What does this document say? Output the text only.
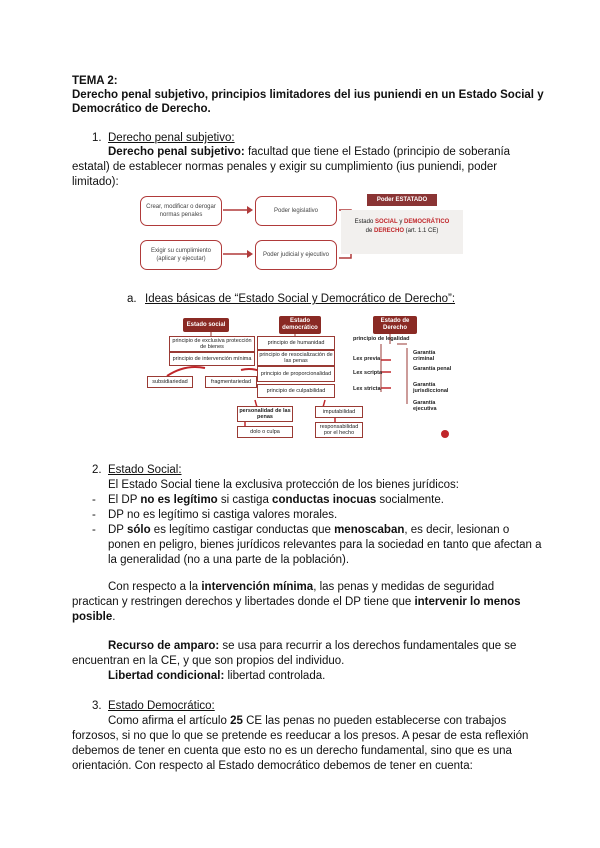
TEMA 2:
Derecho penal subjetivo, principios limitadores del ius puniendi en un Estado Social y
Democrático de Derecho.
1. Derecho penal subjetivo:
Derecho penal subjetivo: facultad que tiene el Estado (principio de soberanía
estatal) de establecer normas penales y exigir su cumplimiento (ius puniendi, poder
limitado):
Crear, modificar o derogar normas penales
Poder legislativo
Exigir su cumplimiento (aplicar y ejecutar)
Poder judicial y ejecutivo
Poder ESTATADO
Estado SOCIAL y DEMOCRÁTICO
de DERECHO (art. 1.1 CE)
a. Ideas básicas de “Estado Social y Democrático de Derecho”:
Estado social
Estado democrático
Estado de Derecho
principio de exclusiva protección de bienes
principio de intervención mínima
subsidiariedad	fragmentariedad
principio de humanidad
principio de resocialización de las penas
principio de proporcionalidad
principio de culpabilidad
personalidad de las penas
dolo o culpa
imputabilidad
responsabilidad por el hecho
principio de legalidad
Lex previa
Lex scripta
Lex stricta
Garantía criminal
Garantía penal
Garantía jurisdiccional
Garantía ejecutiva
2. Estado Social:
El Estado Social tiene la exclusiva protección de los bienes jurídicos:
- El DP no es legítimo si castiga conductas inocuas socialmente.
- DP no es legítimo si castiga valores morales.
- DP sólo es legítimo castigar conductas que menoscaban, es decir, lesionan o
ponen en peligro, bienes jurídicos relevantes para la sociedad en tanto que afectan a
la generalidad (no a una parte de la población).
Con respecto a la intervención mínima, las penas y medidas de seguridad
practican y restringen derechos y libertades donde el DP tiene que intervenir lo menos
posible.
Recurso de amparo: se usa para recurrir a los derechos fundamentales que se
encuentran en la CE, y que son propios del individuo.
Libertad condicional: libertad controlada.
3. Estado Democrático:
Como afirma el artículo 25 CE las penas no pueden establecerse con trabajos
forzosos, si no que lo que se pretende es reeducar a los presos. A pesar de esta reflexión
debemos de tener en cuenta que esto no es un derecho fundamental, sino que es una
orientación. Con respecto al Estado democrático debemos de tener en cuenta:
